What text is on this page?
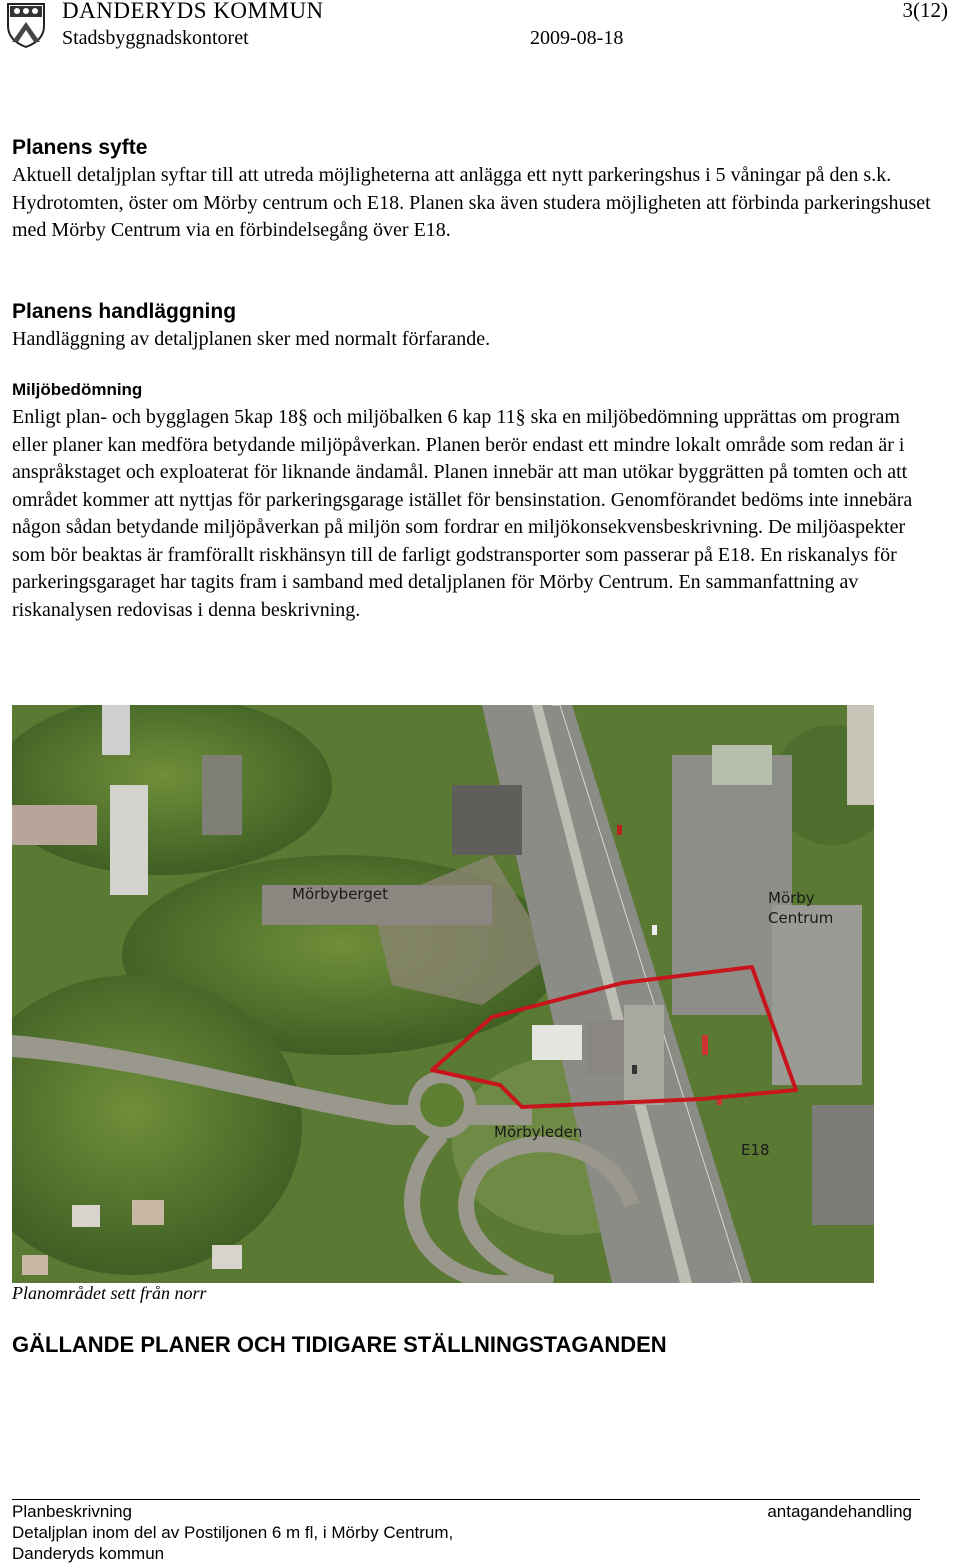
DANDERYDS KOMMUN
Stadsbyggnadskontoret	2009-08-18
3(12)
Planens syfte

Aktuell detaljplan syftar till att utreda möjligheterna att anlägga ett nytt parkeringshus i 5 våningar på den s.k. Hydrotomten, öster om Mörby centrum och E18. Planen ska även studera möjligheten att förbinda parkeringshuset med Mörby Centrum via en förbindelsegång över E18.

Planens handläggning

Handläggning av detaljplanen sker med normalt förfarande.

Miljöbedömning

Enligt plan- och bygglagen 5kap 18§ och miljöbalken 6 kap 11§ ska en miljöbedömning upprättas om program eller planer kan medföra betydande miljöpåverkan. Planen berör endast ett mindre lokalt område som redan är i anspråkstaget och exploaterat för liknande ändamål. Planen innebär att man utökar byggrätten på tomten och att området kommer att nyttjas för parkeringsgarage istället för bensinstation. Genomförandet bedöms inte innebära någon sådan betydande miljöpåverkan på miljön som fordrar en miljökonsekvensbeskrivning. De miljöaspekter som bör beaktas är framförallt riskhänsyn till de farligt godstransporter som passerar på E18. En riskanalys för parkeringsgaraget har tagits fram i samband med detaljplanen för Mörby Centrum. En sammanfattning av riskanalysen redovisas i denna beskrivning.

Mörbyberget	Mörby
Centrum
Mörbyleden
E18
Planområdet sett från norr
GÄLLANDE PLANER OCH TIDIGARE STÄLLNINGSTAGANDEN
Planbeskrivning	antagandehandling
Detaljplan inom del av Postiljonen 6 m fl, i Mörby Centrum,
Danderyds kommun
